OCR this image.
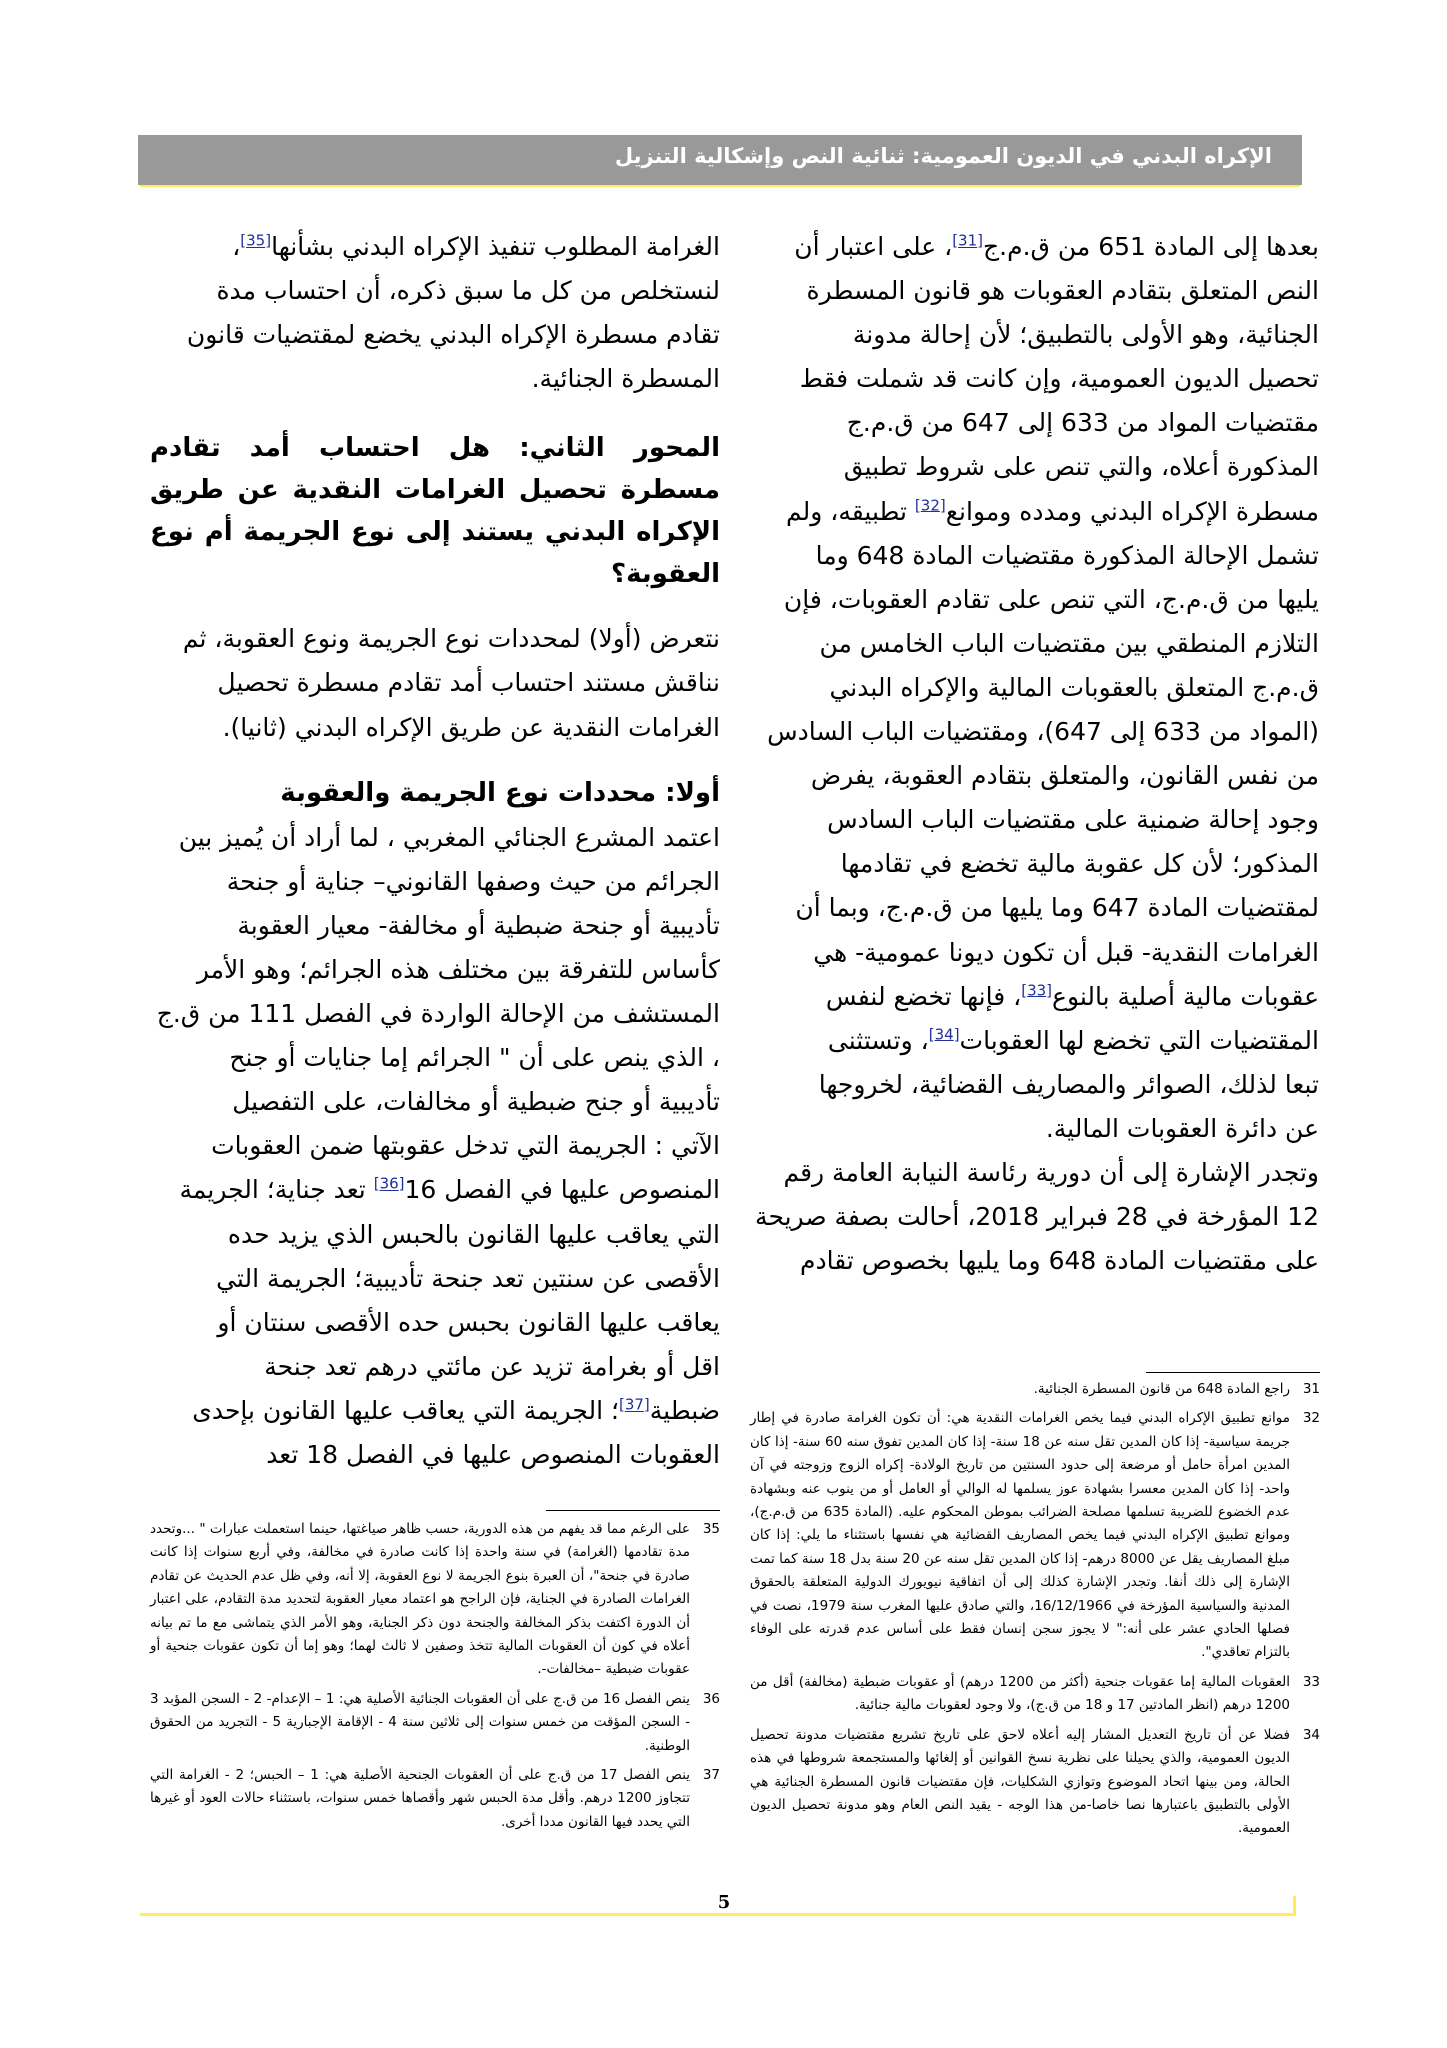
الإكراه البدني في الديون العمومية: ثنائية النص وإشكالية التنزيل
بعدها إلى المادة 651 من ق.م.ج[31]، على اعتبار أن
النص المتعلق بتقادم العقوبات هو قانون المسطرة
الجنائية، وهو الأولى بالتطبيق؛ لأن إحالة مدونة
تحصيل الديون العمومية، وإن كانت قد شملت فقط
مقتضيات المواد من 633 إلى 647 من ق.م.ج
المذكورة أعلاه، والتي تنص على شروط تطبيق
مسطرة الإكراه البدني ومدده وموانع[32] تطبيقه، ولم
تشمل الإحالة المذكورة مقتضيات المادة 648 وما
يليها من ق.م.ج، التي تنص على تقادم العقوبات، فإن
التلازم المنطقي بين مقتضيات الباب الخامس من
ق.م.ج المتعلق بالعقوبات المالية والإكراه البدني
(المواد من 633 إلى 647)، ومقتضيات الباب السادس
من نفس القانون، والمتعلق بتقادم العقوبة، يفرض
وجود إحالة ضمنية على مقتضيات الباب السادس
المذكور؛ لأن كل عقوبة مالية تخضع في تقادمها
لمقتضيات المادة 647 وما يليها من ق.م.ج، وبما أن
الغرامات النقدية- قبل أن تكون ديونا عمومية- هي
عقوبات مالية أصلية بالنوع[33]، فإنها تخضع لنفس
المقتضيات التي تخضع لها العقوبات[34]، وتستثنى
تبعا لذلك، الصوائر والمصاريف القضائية، لخروجها
عن دائرة العقوبات المالية.
وتجدر الإشارة إلى أن دورية رئاسة النيابة العامة رقم
12 المؤرخة في 28 فبراير 2018، أحالت بصفة صريحة
على مقتضيات المادة 648 وما يليها بخصوص تقادم
الغرامة المطلوب تنفيذ الإكراه البدني بشأنها[35]،
لنستخلص من كل ما سبق ذكره، أن احتساب مدة
تقادم مسطرة الإكراه البدني يخضع لمقتضيات قانون
المسطرة الجنائية.
المحور الثاني: هل احتساب أمد تقادم مسطرة تحصيل الغرامات النقدية عن طريق الإكراه البدني يستند إلى نوع الجريمة أم نوع العقوبة؟
نتعرض (أولا) لمحددات نوع الجريمة ونوع العقوبة، ثم
نناقش مستند احتساب أمد تقادم مسطرة تحصيل
الغرامات النقدية عن طريق الإكراه البدني (ثانيا).
أولا: محددات نوع الجريمة والعقوبة
اعتمد المشرع الجنائي المغربي ، لما أراد أن يُميز بين
الجرائم من حيث وصفها القانوني– جناية أو جنحة
تأديبية أو جنحة ضبطية أو مخالفة- معيار العقوبة
كأساس للتفرقة بين مختلف هذه الجرائم؛ وهو الأمر
المستشف من الإحالة الواردة في الفصل 111 من ق.ج
، الذي ينص على أن " الجرائم إما جنايات أو جنح
تأديبية أو جنح ضبطية أو مخالفات، على التفصيل
الآتي : الجريمة التي تدخل عقوبتها ضمن العقوبات
المنصوص عليها في الفصل 16[36] تعد جناية؛ الجريمة
التي يعاقب عليها القانون بالحبس الذي يزيد حده
الأقصى عن سنتين تعد جنحة تأديبية؛ الجريمة التي
يعاقب عليها القانون بحبس حده الأقصى سنتان أو
اقل أو بغرامة تزيد عن مائتي درهم تعد جنحة
ضبطية[37]؛ الجريمة التي يعاقب عليها القانون بإحدى
العقوبات المنصوص عليها في الفصل 18 تعد
31
راجع المادة 648 من قانون المسطرة الجنائية.
32
موانع تطبيق الإكراه البدني فيما يخص الغرامات النقدية هي: أن تكون الغرامة صادرة في إطار جريمة سياسية- إذا كان المدين تقل سنه عن 18 سنة- إذا كان المدين تفوق سنه 60 سنة- إذا كان المدين امرأة حامل أو مرضعة إلى حدود السنتين من تاريخ الولادة- إكراه الزوج وزوجته في آن واحد- إذا كان المدين معسرا بشهادة عوز يسلمها له الوالي أو العامل أو من ينوب عنه وبشهادة عدم الخضوع للضريبة تسلمها مصلحة الضرائب بموطن المحكوم عليه. (المادة 635 من ق.م.ج)، وموانع تطبيق الإكراه البدني فيما يخص المصاريف القضائية هي نفسها باستثناء ما يلي: إذا كان مبلغ المصاريف يقل عن 8000 درهم- إذا كان المدين تقل سنه عن 20 سنة بدل 18 سنة كما تمت الإشارة إلى ذلك أنفا. وتجدر الإشارة كذلك إلى أن اتفاقية نيويورك الدولية المتعلقة بالحقوق المدنية والسياسية المؤرخة في 16/12/1966، والتي صادق عليها المغرب سنة 1979، نصت في فصلها الحادي عشر على أنه:" لا يجوز سجن إنسان فقط على أساس عدم قدرته على الوفاء بالتزام تعاقدي".
33
العقوبات المالية إما عقوبات جنحية (أكثر من 1200 درهم) أو عقوبات ضبطية (مخالفة) أقل من 1200 درهم (انظر المادتين 17 و 18 من ق.ج)، ولا وجود لعقوبات مالية جنائية.
34
فضلا عن أن تاريخ التعديل المشار إليه أعلاه لاحق على تاريخ تشريع مقتضيات مدونة تحصيل الديون العمومية، والذي يحيلنا على نظرية نسخ القوانين أو إلغائها والمستجمعة شروطها في هذه الحالة، ومن بينها اتحاد الموضوع وتوازي الشكليات، فإن مقتضيات قانون المسطرة الجنائية هي الأولى بالتطبيق باعتبارها نصا خاصا-من هذا الوجه - يقيد النص العام وهو مدونة تحصيل الديون العمومية.
35
على الرغم مما قد يفهم من هذه الدورية، حسب ظاهر صياغتها، حينما استعملت عبارات " ...وتحدد مدة تقادمها (الغرامة) في سنة واحدة إذا كانت صادرة في مخالفة، وفي أربع سنوات إذا كانت صادرة في جنحة"، أن العبرة بنوع الجريمة لا نوع العقوبة، إلا أنه، وفي ظل عدم الحديث عن تقادم الغرامات الصادرة في الجناية، فإن الراجح هو اعتماد معيار العقوبة لتحديد مدة التقادم، على اعتبار أن الدورة اكتفت بذكر المخالفة والجنحة دون ذكر الجناية، وهو الأمر الذي يتماشى مع ما تم بيانه أعلاه في كون أن العقوبات المالية تتخذ وصفين لا ثالث لهما؛ وهو إما أن تكون عقوبات جنحية أو عقوبات ضبطية –مخالفات-.
36
ينص الفصل 16 من ق.ج على أن العقوبات الجنائية الأصلية هي: 1 – الإعدام- 2 - السجن المؤبد 3 - السجن المؤقت من خمس سنوات إلى ثلاثين سنة 4 - الإقامة الإجبارية 5 - التجريد من الحقوق الوطنية.
37
ينص الفصل 17 من ق.ج على أن العقوبات الجنحية الأصلية هي: 1 – الحبس؛ 2 - الغرامة التي تتجاوز 1200 درهم. وأقل مدة الحبس شهر وأقصاها خمس سنوات، باستثناء حالات العود أو غيرها التي يحدد فيها القانون مددا أخرى.
5
